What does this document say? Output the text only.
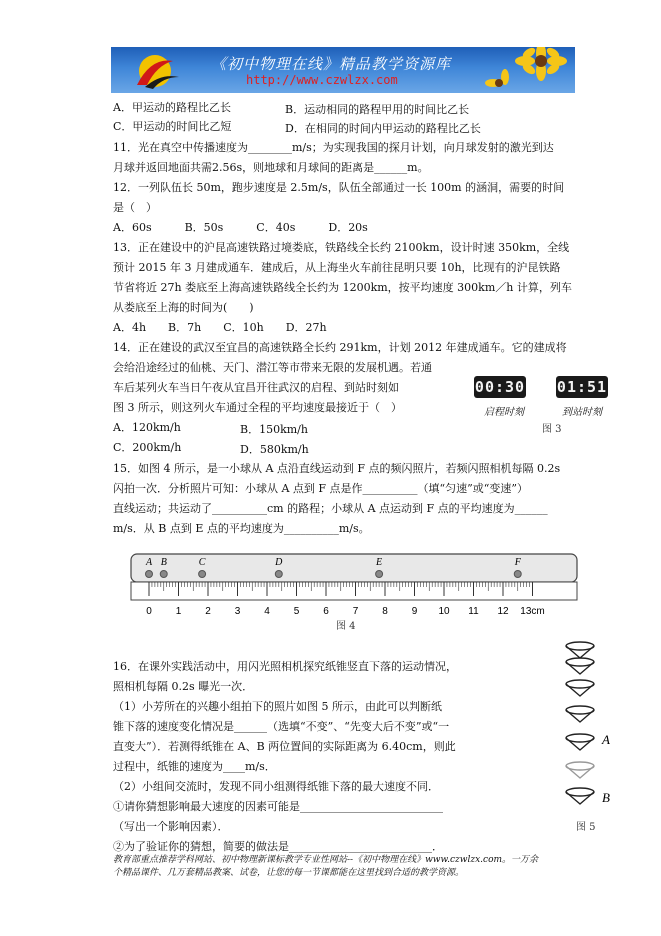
《初中物理在线》精品教学资源库
http://www.czwlzx.com
A．甲运动的路程比乙长	B．运动相同的路程甲用的时间比乙长
C．甲运动的时间比乙短	D．在相同的时间内甲运动的路程比乙长
11．光在真空中传播速度为________m/s；为实现我国的探月计划，向月球发射的激光到达
月球并返回地面共需2.56s，则地球和月球间的距离是______m。
12．一列队伍长 50m，跑步速度是 2.5m/s，队伍全部通过一长 100m 的涵洞，需要的时间
是（　）
A．60s　　　B．50s　　　C．40s　　　D．20s
13．正在建设中的沪昆高速铁路过境娄底，铁路线全长约 2100km，设计时速 350km，全线
预计 2015 年 3 月建成通车．建成后，从上海坐火车前往昆明只要 10h，比现有的沪昆铁路
节省将近 27h 娄底至上海高速铁路线全长约为 1200km，按平均速度 300km／h 计算，列车
从娄底至上海的时间为(　　)
A．4h　　B．7h　　C．10h　　D．27h
14．正在建设的武汉至宜昌的高速铁路全长约 291km，计划 2012 年建成通车。它的建成将
会给沿途经过的仙桃、天门、潜江等市带来无限的发展机遇。若通
车后某列火车当日午夜从宜昌开往武汉的启程、到站时刻如
图 3 所示，则这列火车通过全程的平均速度最接近于（　）
A．120km/h	B．150km/h
C．200km/h	D．580km/h
00:30 01:51
启程时刻	到站时刻
图 3
15．如图 4 所示，是一小球从 A 点沿直线运动到 F 点的频闪照片，若频闪照相机每隔 0.2s
闪拍一次．分析照片可知：小球从 A 点到 F 点是作__________（填“匀速”或“变速”）
直线运动；共运动了__________cm 的路程；小球从 A 点运动到 F 点的平均速度为______
m/s．从 B 点到 E 点的平均速度为__________m/s。
0 1 2 3 4 5 6 7 8 9 10 11 12 13cm
A B	C	D	E	F
图 4
16．在课外实践活动中，用闪光照相机探究纸锥竖直下落的运动情况，
照相机每隔 0.2s 曝光一次．
（1）小芳所在的兴趣小组拍下的照片如图 5 所示，由此可以判断纸
锥下落的速度变化情况是______（选填“不变”、“先变大后不变”或“一
直变大”）．若测得纸锥在 A、B 两位置间的实际距离为 6.40cm，则此
过程中，纸锥的速度为____m/s．
（2）小组间交流时，发现不同小组测得纸锥下落的最大速度不同．
①请你猜想影响最大速度的因素可能是__________________________
（写出一个影响因素）．
②为了验证你的猜想，简要的做法是__________________________．
A
B
图 5
教育部重点推荐学科网站、初中物理新课标教学专业性网站--《初中物理在线》www.czwlzx.com。一万余
个精品课件、几万套精品教案、试卷，让您的每一节课都能在这里找到合适的教学资源。
